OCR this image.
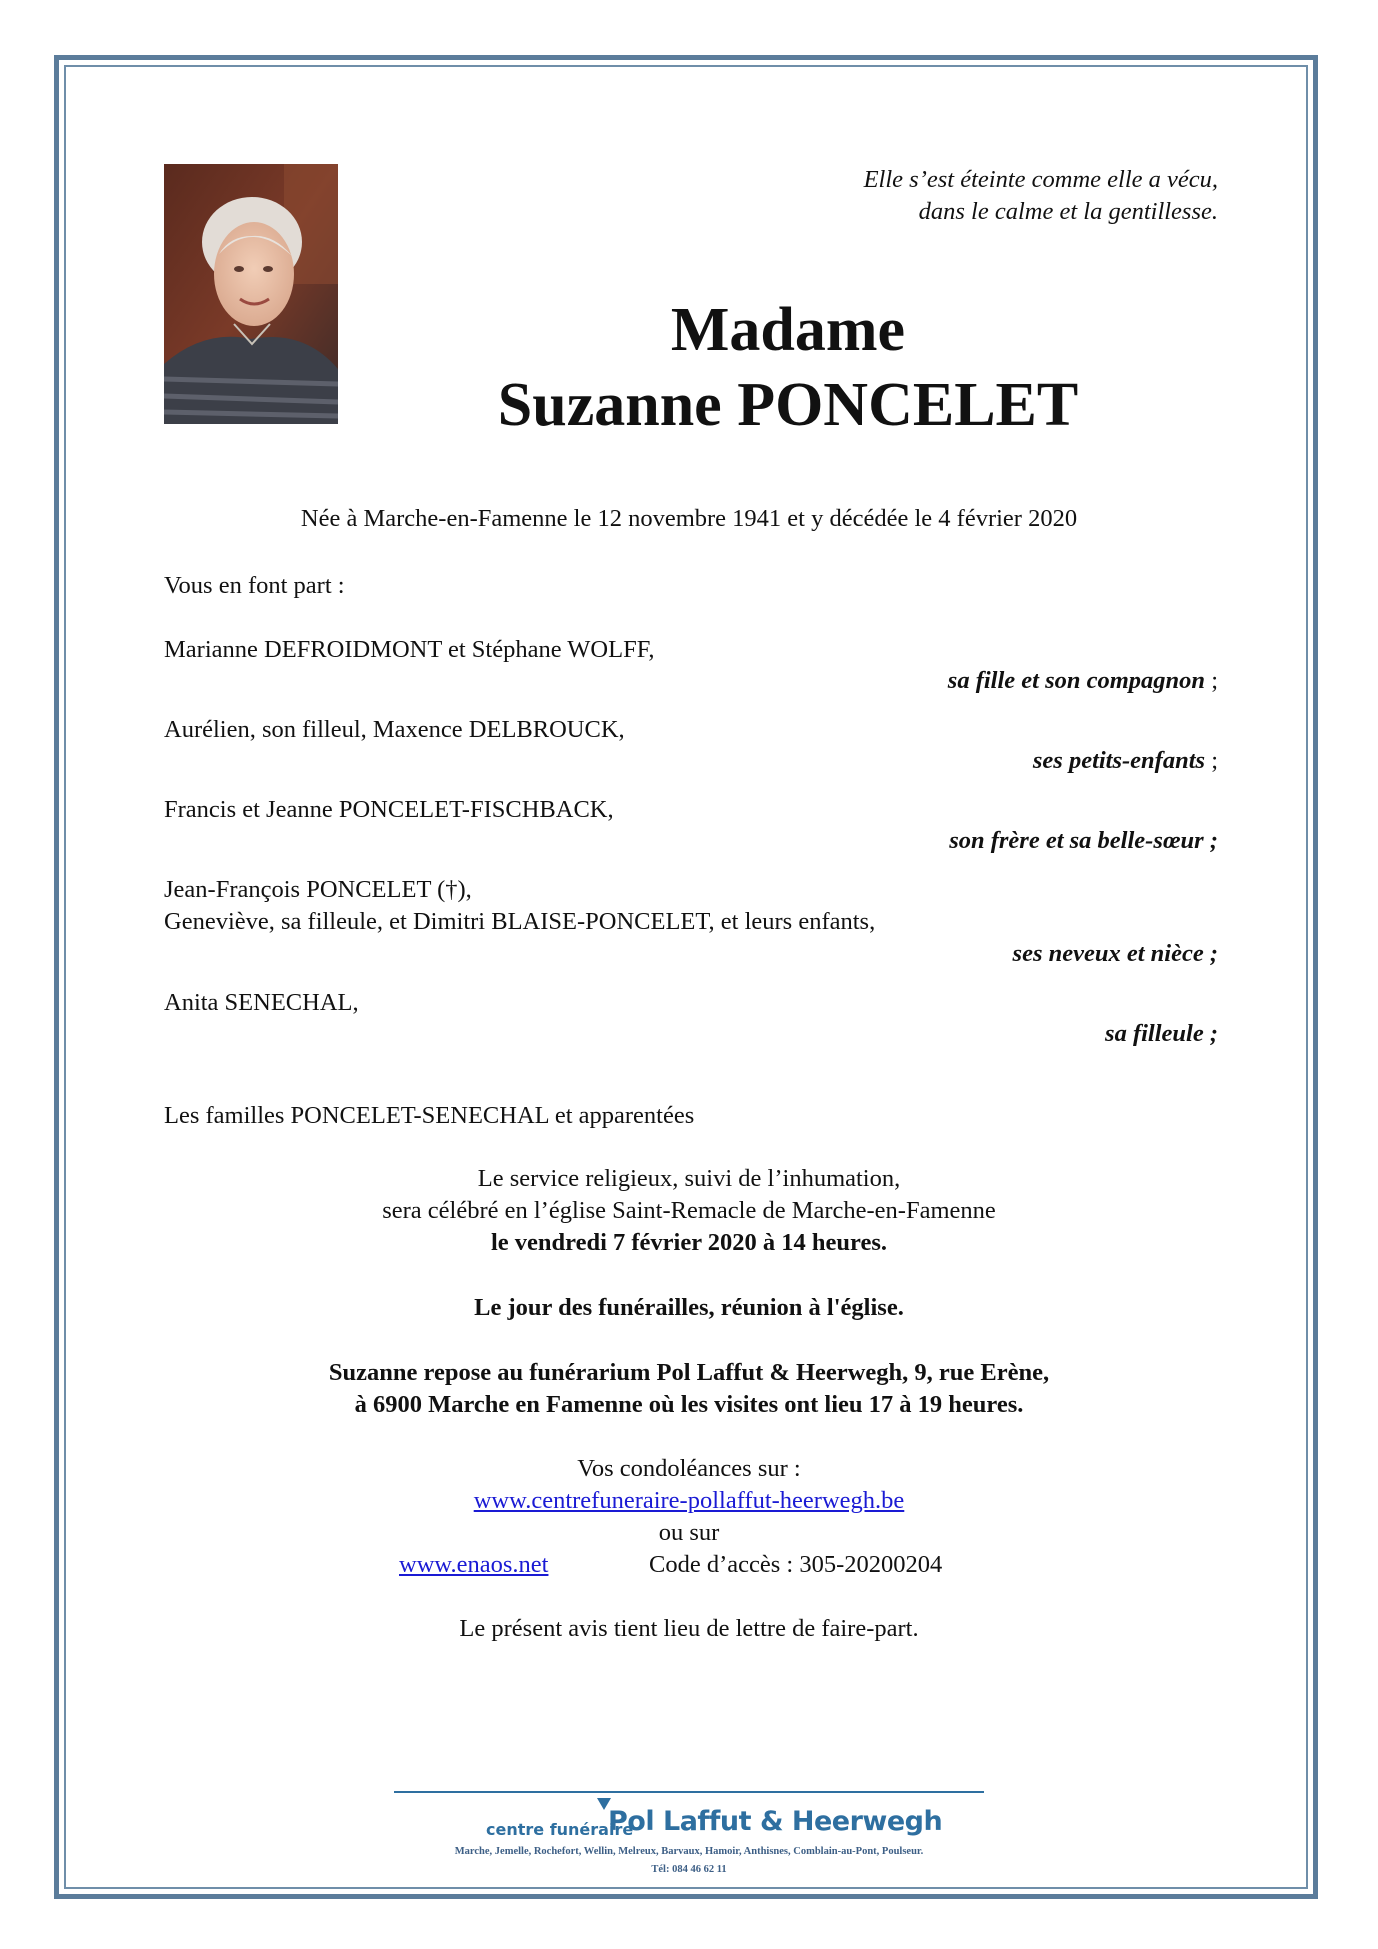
Elle s’est éteinte comme elle a vécu,
dans le calme et la gentillesse.
Madame
Suzanne PONCELET
Née à Marche-en-Famenne le 12 novembre 1941 et y décédée le 4 février 2020
Vous en font part :
Marianne DEFROIDMONT et Stéphane WOLFF,
sa fille et son compagnon ;
Aurélien, son filleul, Maxence DELBROUCK,
ses petits-enfants ;
Francis et Jeanne PONCELET-FISCHBACK,
son frère et sa belle-sœur ;
Jean-François PONCELET (†),
Geneviève, sa filleule, et Dimitri BLAISE-PONCELET, et leurs enfants,
ses neveux et nièce ;
Anita SENECHAL,
sa filleule ;
Les familles PONCELET-SENECHAL et apparentées
Le service religieux, suivi de l’inhumation,
sera célébré en l’église Saint-Remacle de Marche-en-Famenne
le vendredi 7 février 2020 à 14 heures.
Le jour des funérailles, réunion à l'église.
Suzanne repose au funérarium Pol Laffut & Heerwegh, 9, rue Erène,
à 6900 Marche en Famenne où les visites ont lieu 17 à 19 heures.
Vos condoléances sur :
www.centrefuneraire-pollaffut-heerwegh.be
ou sur
www.enaos.net	Code d’accès : 305-20200204
Le présent avis tient lieu de lettre de faire-part.
centre funéraire
Pol Laffut & Heerwegh
Marche, Jemelle, Rochefort, Wellin, Melreux, Barvaux, Hamoir, Anthisnes, Comblain-au-Pont, Poulseur.
Tél: 084 46 62 11
